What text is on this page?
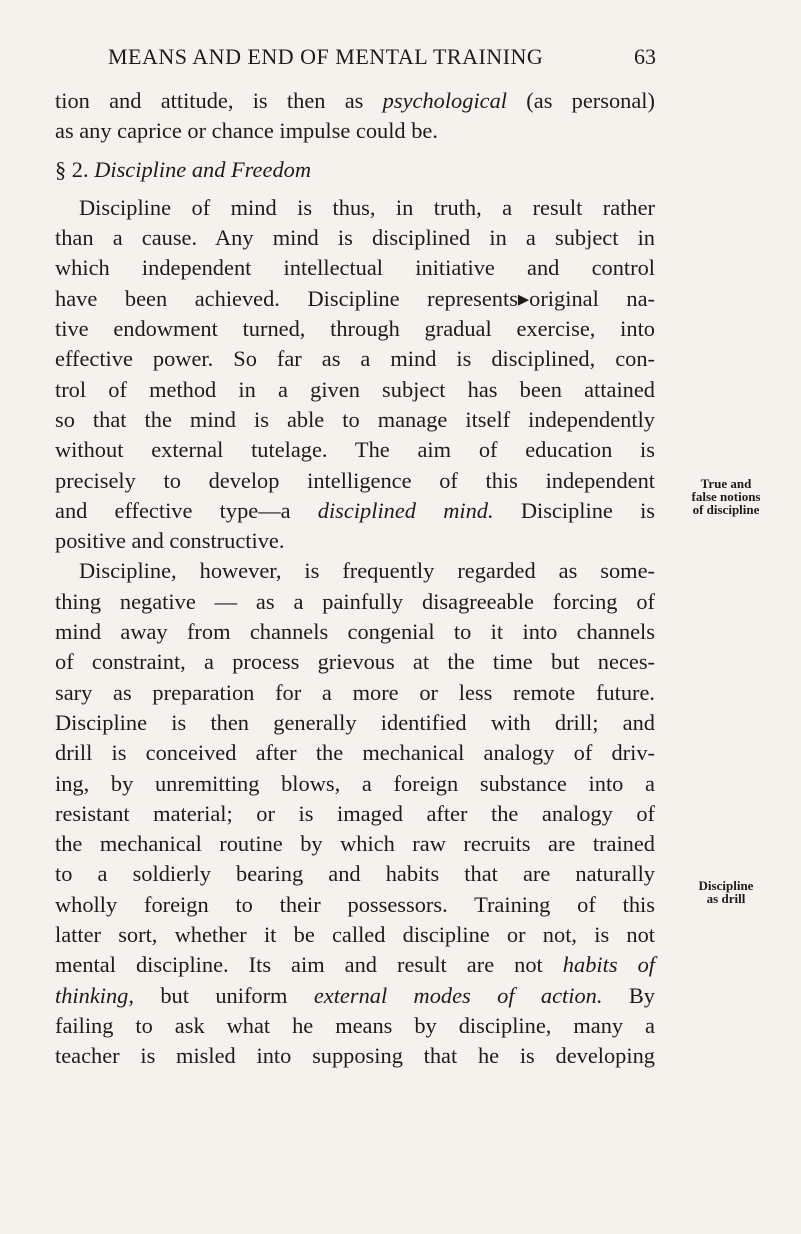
MEANS AND END OF MENTAL TRAINING	63
tion and attitude, is then as psychological (as personal)
as any caprice or chance impulse could be.
§ 2. Discipline and Freedom
Discipline of mind is thus, in truth, a result rather
than a cause. Any mind is disciplined in a subject in
which independent intellectual initiative and control
have been achieved. Discipline represents▸original na-
tive endowment turned, through gradual exercise, into
effective power. So far as a mind is disciplined, con-
trol of method in a given subject has been attained
so that the mind is able to manage itself independently
without external tutelage. The aim of education is
precisely to develop intelligence of this independent
and effective type—a disciplined mind. Discipline is
positive and constructive.
Discipline, however, is frequently regarded as some-
thing negative — as a painfully disagreeable forcing of
mind away from channels congenial to it into channels
of constraint, a process grievous at the time but neces-
sary as preparation for a more or less remote future.
Discipline is then generally identified with drill; and
drill is conceived after the mechanical analogy of driv-
ing, by unremitting blows, a foreign substance into a
resistant material; or is imaged after the analogy of
the mechanical routine by which raw recruits are trained
to a soldierly bearing and habits that are naturally
wholly foreign to their possessors. Training of this
latter sort, whether it be called discipline or not, is not
mental discipline. Its aim and result are not habits of
thinking, but uniform external modes of action. By
failing to ask what he means by discipline, many a
teacher is misled into supposing that he is developing
True and
false notions
of discipline
Discipline
as drill
